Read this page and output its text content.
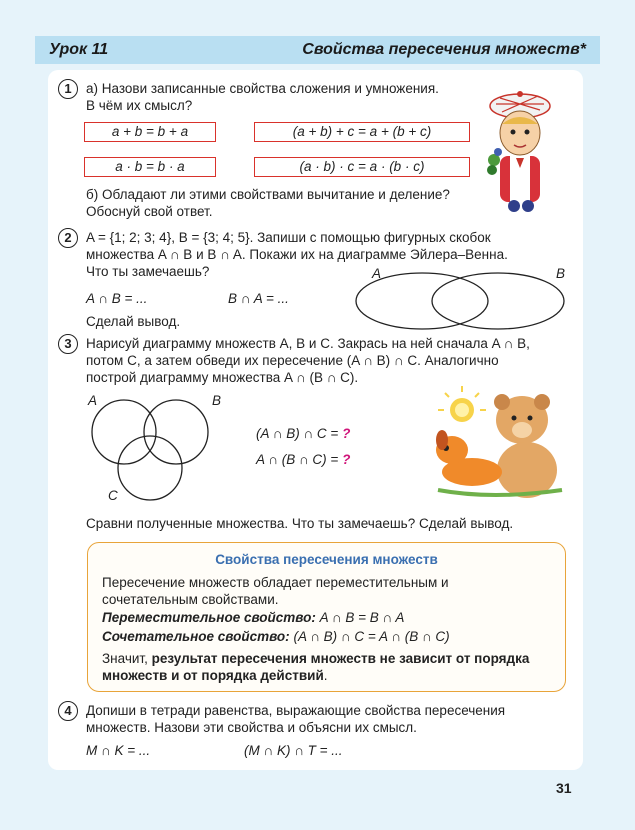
Урок 11	Свойства пересечения множеств*
1	а) Назови записанные свойства сложения и умножения.
В чём их смысл?
a + b = b + a	(a + b) + c = a + (b + c)
a · b = b · a	(a · b) · c = a · (b · c)
б) Обладают ли этими свойствами вычитание и деление?
Обоснуй свой ответ.
2	A = {1; 2; 3; 4}, B = {3; 4; 5}. Запиши с помощью фигурных скобок
множества A ∩ B и B ∩ A. Покажи их на диаграмме Эйлера–Венна.
Что ты замечаешь?
A ∩ B = ...	B ∩ A = ...
Сделай вывод.
A	B
3	Нарисуй диаграмму множеств A, B и C. Закрась на ней сначала A ∩ B,
потом C, а затем обведи их пересечение (A ∩ B) ∩ C. Аналогично
построй диаграмму множества A ∩ (B ∩ C).
A	B
C
(A ∩ B) ∩ C = ?
A ∩ (B ∩ C) = ?
Сравни полученные множества. Что ты замечаешь? Сделай вывод.
Свойства пересечения множеств
Пересечение множеств обладает переместительным и
сочетательным свойствами.
Переместительное свойство: A ∩ B = B ∩ A
Сочетательное свойство: (A ∩ B) ∩ C = A ∩ (B ∩ C)
Значит, результат пересечения множеств не зависит от порядка
множеств и от порядка действий.
4	Допиши в тетради равенства, выражающие свойства пересечения
множеств. Назови эти свойства и объясни их смысл.
M ∩ K = ...	(M ∩ K) ∩ T = ...
31
